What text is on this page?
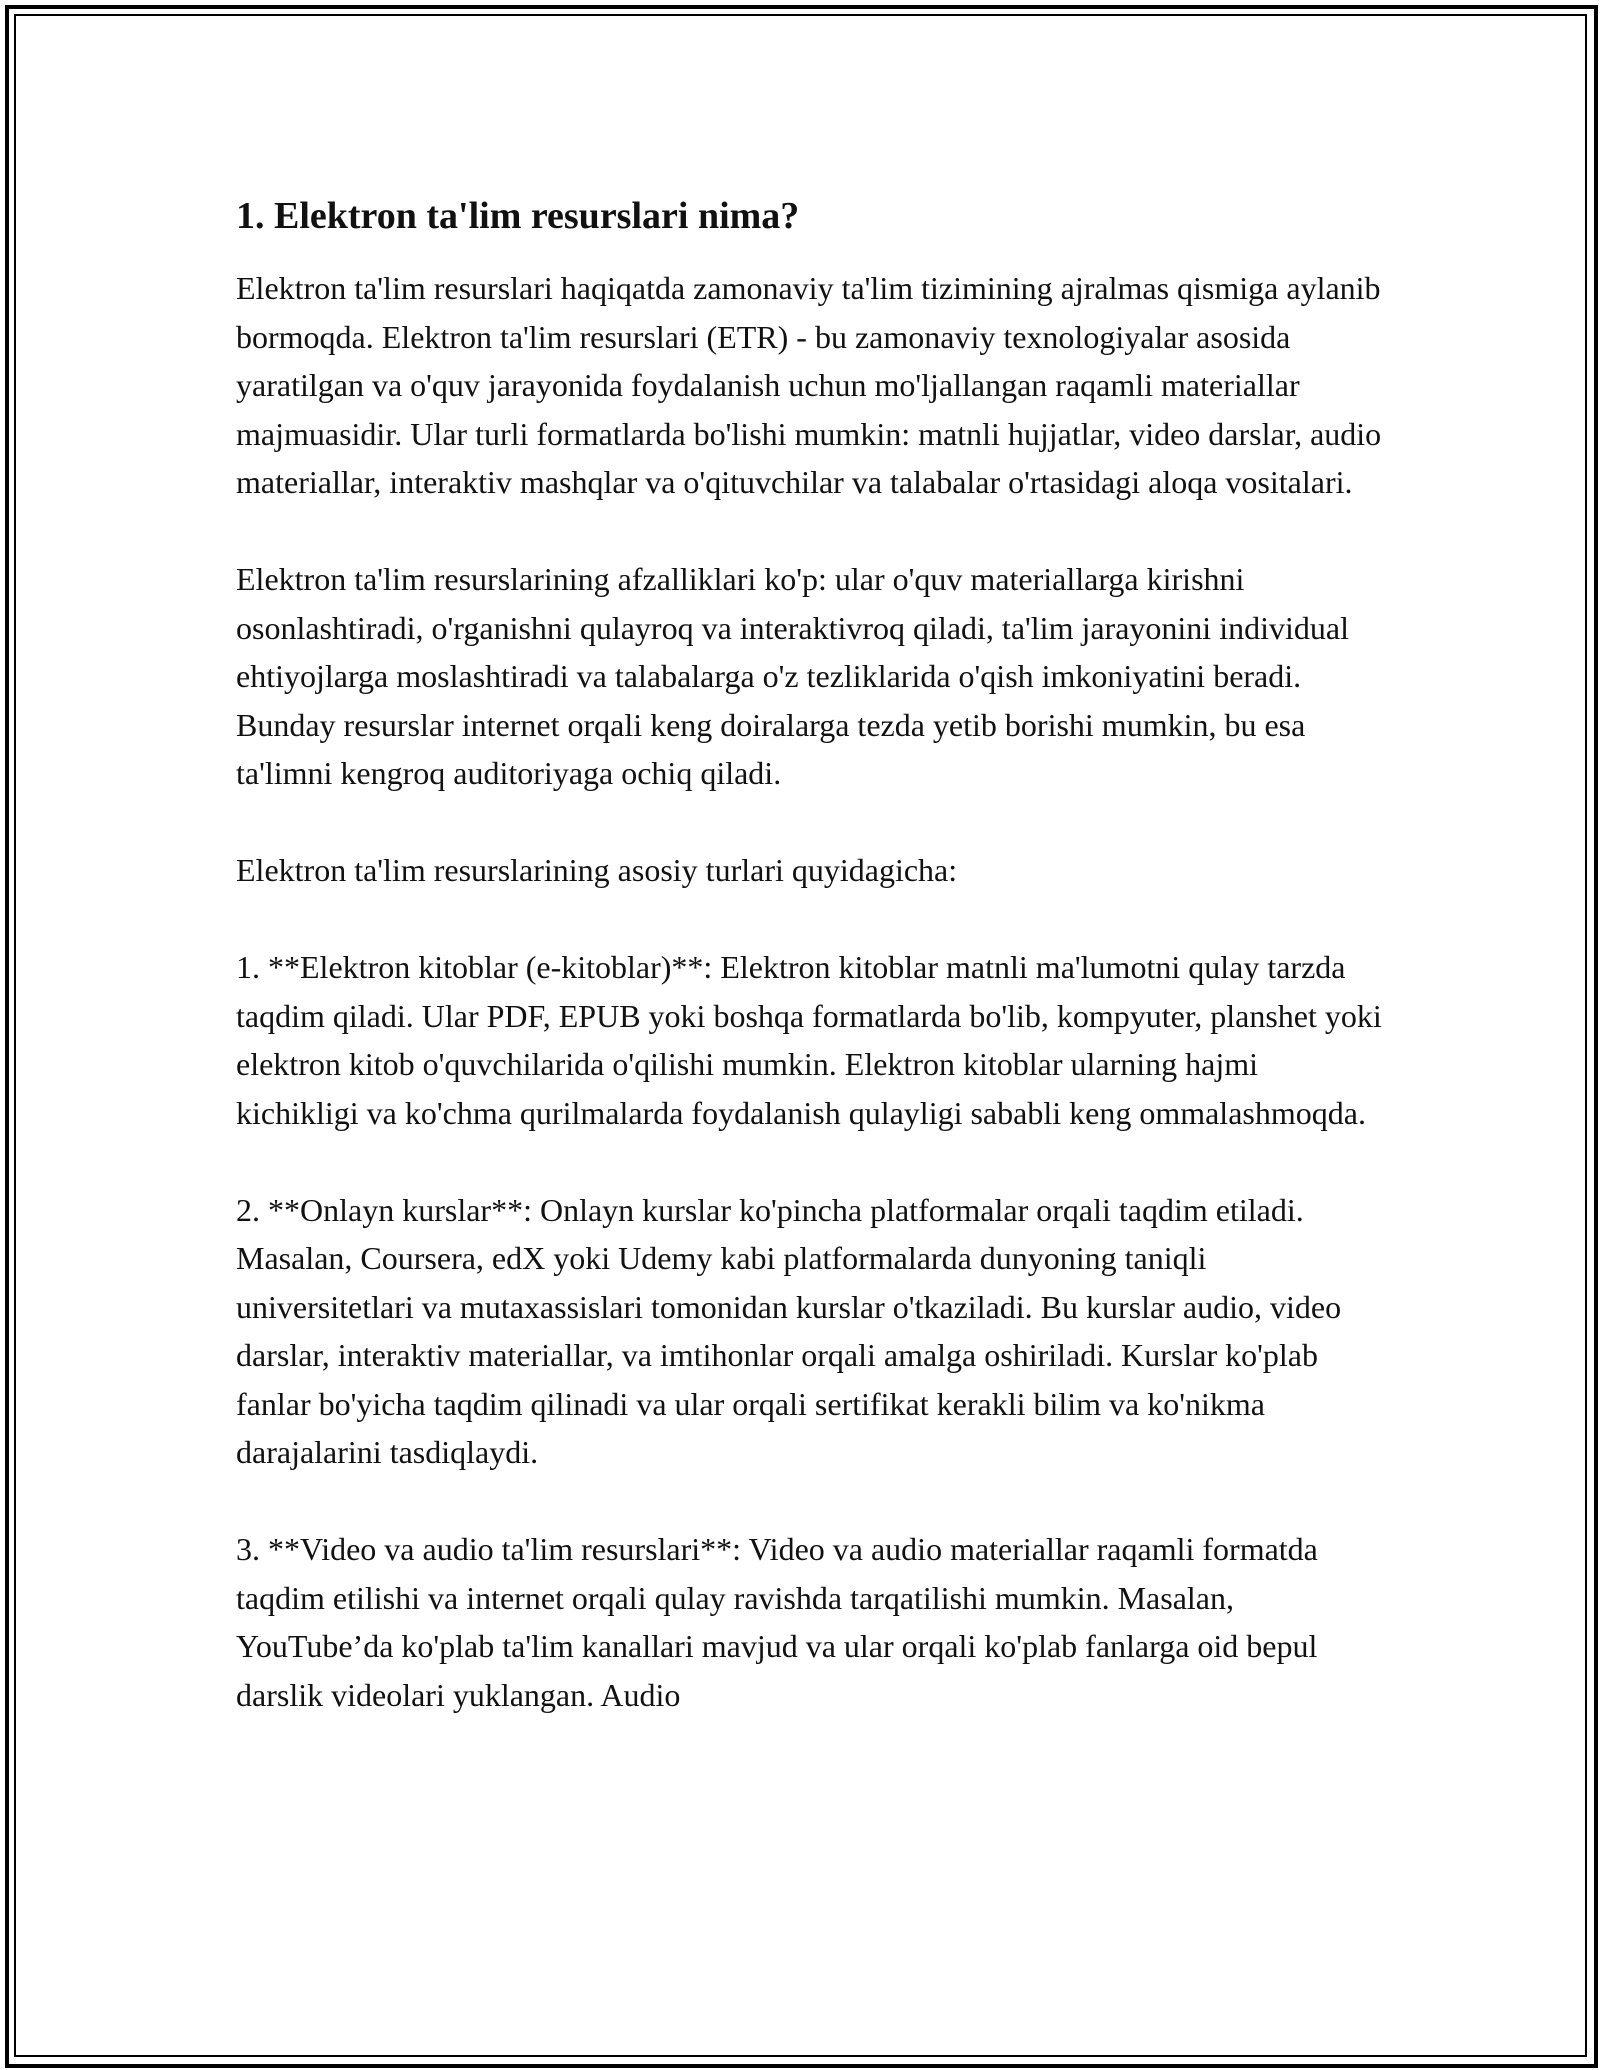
1. Elektron ta'lim resurslari nima?

Elektron ta'lim resurslari haqiqatda zamonaviy ta'lim tizimining ajralmas qismiga aylanib bormoqda. Elektron ta'lim resurslari (ETR) - bu zamonaviy texnologiyalar asosida yaratilgan va o'quv jarayonida foydalanish uchun mo'ljallangan raqamli materiallar majmuasidir. Ular turli formatlarda bo'lishi mumkin: matnli hujjatlar, video darslar, audio materiallar, interaktiv mashqlar va o'qituvchilar va talabalar o'rtasidagi aloqa vositalari.

Elektron ta'lim resurslarining afzalliklari ko'p: ular o'quv materiallarga kirishni osonlashtiradi, o'rganishni qulayroq va interaktivroq qiladi, ta'lim jarayonini individual ehtiyojlarga moslashtiradi va talabalarga o'z tezliklarida o'qish imkoniyatini beradi. Bunday resurslar internet orqali keng doiralarga tezda yetib borishi mumkin, bu esa ta'limni kengroq auditoriyaga ochiq qiladi.

Elektron ta'lim resurslarining asosiy turlari quyidagicha:

1. **Elektron kitoblar (e-kitoblar)**: Elektron kitoblar matnli ma'lumotni qulay tarzda taqdim qiladi. Ular PDF, EPUB yoki boshqa formatlarda bo'lib, kompyuter, planshet yoki elektron kitob o'quvchilarida o'qilishi mumkin. Elektron kitoblar ularning hajmi kichikligi va ko'chma qurilmalarda foydalanish qulayligi sababli keng ommalashmoqda.

2. **Onlayn kurslar**: Onlayn kurslar ko'pincha platformalar orqali taqdim etiladi. Masalan, Coursera, edX yoki Udemy kabi platformalarda dunyoning taniqli universitetlari va mutaxassislari tomonidan kurslar o'tkaziladi. Bu kurslar audio, video darslar, interaktiv materiallar, va imtihonlar orqali amalga oshiriladi. Kurslar ko'plab fanlar bo'yicha taqdim qilinadi va ular orqali sertifikat kerakli bilim va ko'nikma darajalarini tasdiqlaydi.

3. **Video va audio ta'lim resurslari**: Video va audio materiallar raqamli formatda taqdim etilishi va internet orqali qulay ravishda tarqatilishi mumkin. Masalan, YouTube’da ko'plab ta'lim kanallari mavjud va ular orqali ko'plab fanlarga oid bepul darslik videolari yuklangan. Audio
